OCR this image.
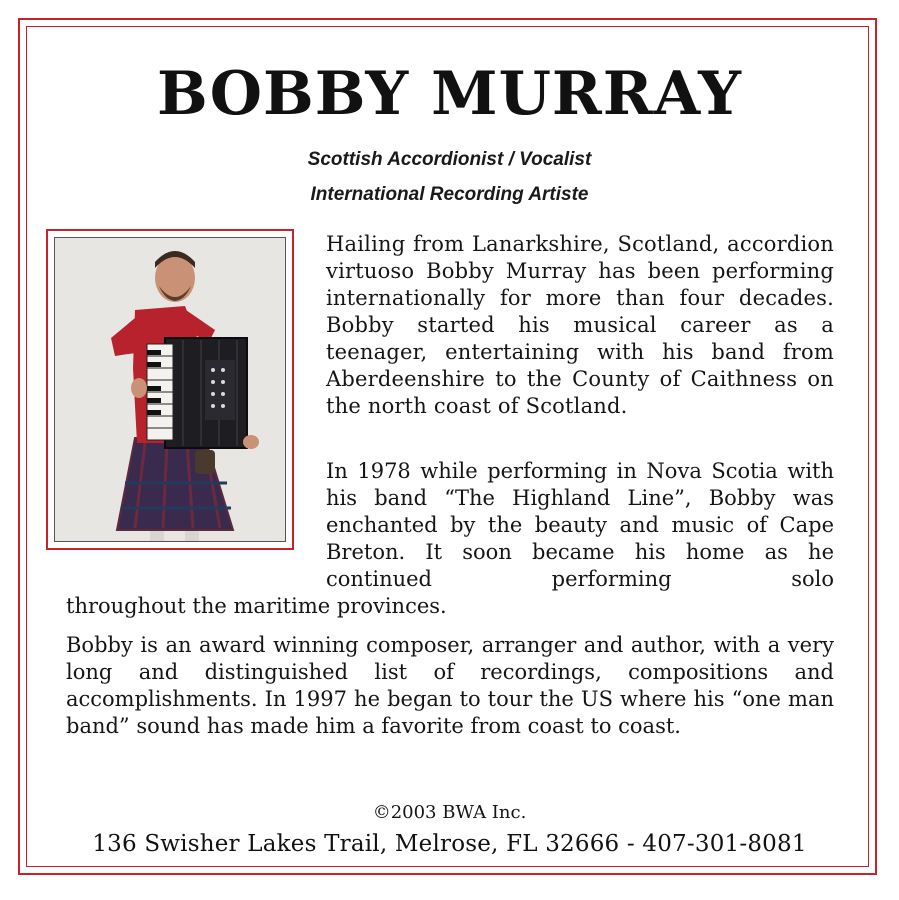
BOBBY MURRAY
Scottish Accordionist / Vocalist
International Recording Artiste

Hailing from Lanarkshire, Scotland, accordion virtuoso Bobby Murray has been performing internationally for more than four decades. Bobby started his musical career as a teenager, entertaining with his band from Aberdeenshire to the County of Caithness on the north coast of Scotland.

In 1978 while performing in Nova Scotia with his band “The Highland Line”, Bobby was enchanted by the beauty and music of Cape Breton. It soon became his home as he continued performing solo
throughout the maritime provinces.

Bobby is an award winning composer, arranger and author, with a very long and distinguished list of recordings, compositions and accomplishments. In 1997 he began to tour the US where his “one man band” sound has made him a favorite from coast to coast.

©2003 BWA Inc.
136 Swisher Lakes Trail, Melrose, FL 32666 - 407-301-8081
